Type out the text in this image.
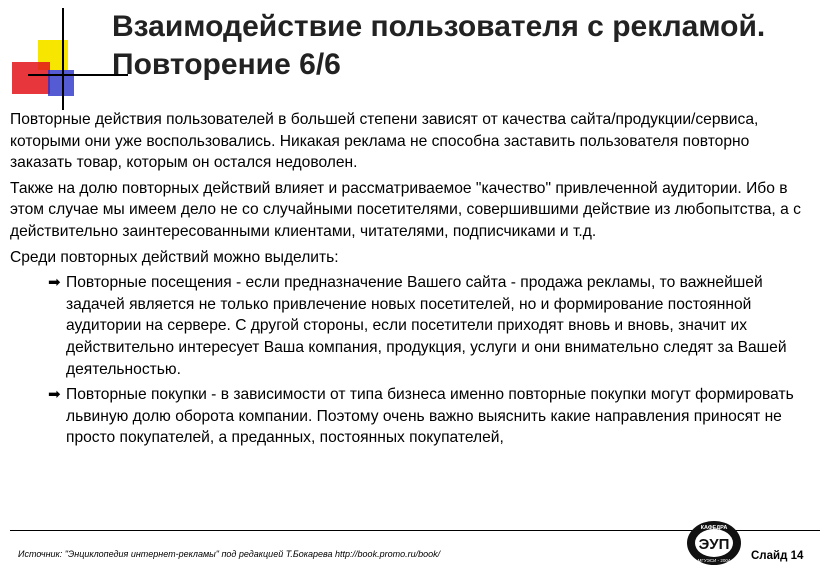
Взаимодействие пользователя с рекламой.
Повторение 6/6

Повторные действия пользователей в большей степени зависят от качества сайта/продукции/сервиса, которыми они уже воспользовались. Никакая реклама не способна заставить пользователя повторно заказать товар, которым он остался недоволен.

Также на долю повторных действий влияет и рассматриваемое "качество" привлеченной аудитории. Ибо в этом случае мы имеем дело не со случайными посетителями, совершившими действие из любопытства, а с действительно заинтересованными клиентами, читателями, подписчиками и т.д.

Среди повторных действий можно выделить:

➡ Повторные посещения - если предназначение Вашего сайта - продажа рекламы, то важнейшей задачей является не только привлечение новых посетителей, но и формирование постоянной аудитории на сервере. С другой стороны, если посетители приходят вновь и вновь, значит их действительно интересует Ваша компания, продукция, услуги и они внимательно следят за Вашей деятельностью.
➡ Повторные покупки - в зависимости от типа бизнеса именно повторные покупки могут формировать львиную долю оборота компании. Поэтому очень важно выяснить какие направления приносят не просто покупателей, а преданных, постоянных покупателей,
Источник: "Энциклопедия интернет-рекламы" под редакцией Т.Бокарева http://book.promo.ru/book/
КАФЕДРА
ЭУП
МГУЭСИ - 2004 Слайд 14
